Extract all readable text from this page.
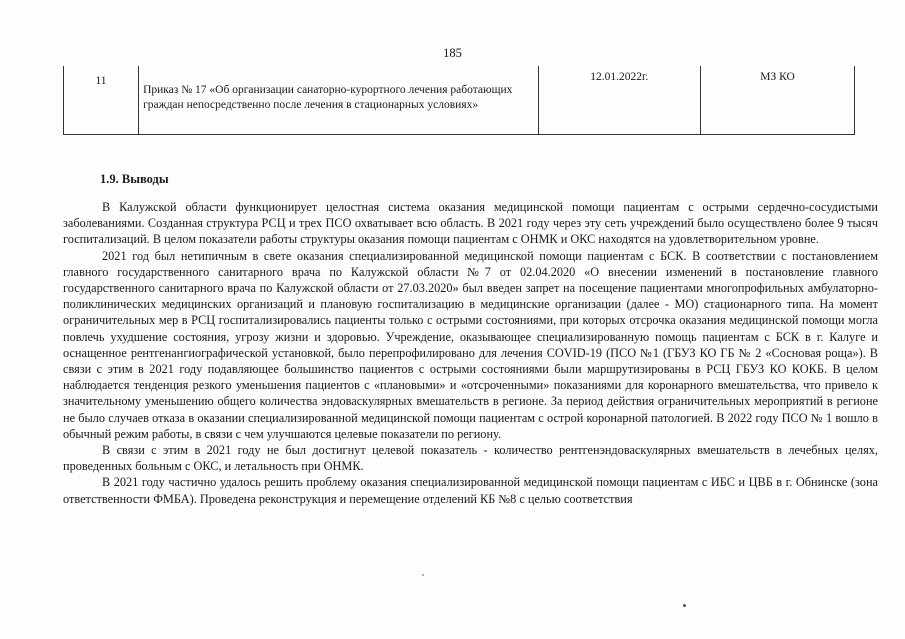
185
11	Приказ № 17 «Об организации санаторно-курортного лечения работающих граждан непосредственно после лечения в стационарных условиях»	12.01.2022г.	МЗ КО
1.9. Выводы

В Калужской области функционирует целостная система оказания медицинской помощи пациентам с острыми сердечно-сосудистыми заболеваниями. Созданная структура РСЦ и трех ПСО охватывает всю область. В 2021 году через эту сеть учреждений было осуществлено более 9 тысяч госпитализаций. В целом показатели работы структуры оказания помощи пациентам с ОНМК и ОКС находятся на удовлетворительном уровне.

2021 год был нетипичным в свете оказания специализированной медицинской помощи пациентам с БСК. В соответствии с постановлением главного государственного санитарного врача по Калужской области №7 от 02.04.2020 «О внесении изменений в постановление главного государственного санитарного врача по Калужской области от 27.03.2020» был введен запрет на посещение пациентами многопрофильных амбулаторно-поликлинических медицинских организаций и плановую госпитализацию в медицинские организации (далее - МО) стационарного типа. На момент ограничительных мер в РСЦ госпитализировались пациенты только с острыми состояниями, при которых отсрочка оказания медицинской помощи могла повлечь ухудшение состояния, угрозу жизни и здоровью. Учреждение, оказывающее специализированную помощь пациентам с БСК в г. Калуге и оснащенное рентгенангиографической установкой, было перепрофилировано для лечения COVID-19 (ПСО №1 (ГБУЗ КО ГБ № 2 «Сосновая роща»). В связи с этим в 2021 году подавляющее большинство пациентов с острыми состояниями были маршрутизированы в РСЦ ГБУЗ КО КОКБ. В целом наблюдается тенденция резкого уменьшения пациентов с «плановыми» и «отсроченными» показаниями для коронарного вмешательства, что привело к значительному уменьшению общего количества эндоваскулярных вмешательств в регионе. За период действия ограничительных мероприятий в регионе не было случаев отказа в оказании специализированной медицинской помощи пациентам с острой коронарной патологией. В 2022 году ПСО № 1 вошло в обычный режим работы, в связи с чем улучшаются целевые показатели по региону.

В связи с этим в 2021 году не был достигнут целевой показатель - количество рентгенэндоваскулярных вмешательств в лечебных целях, проведенных больным с ОКС, и летальность при ОНМК.

В 2021 году частично удалось решить проблему оказания специализированной медицинской помощи пациентам с ИБС и ЦВБ в г. Обнинске (зона ответственности ФМБА). Проведена реконструкция и перемещение отделений КБ №8 с целью соответствия
